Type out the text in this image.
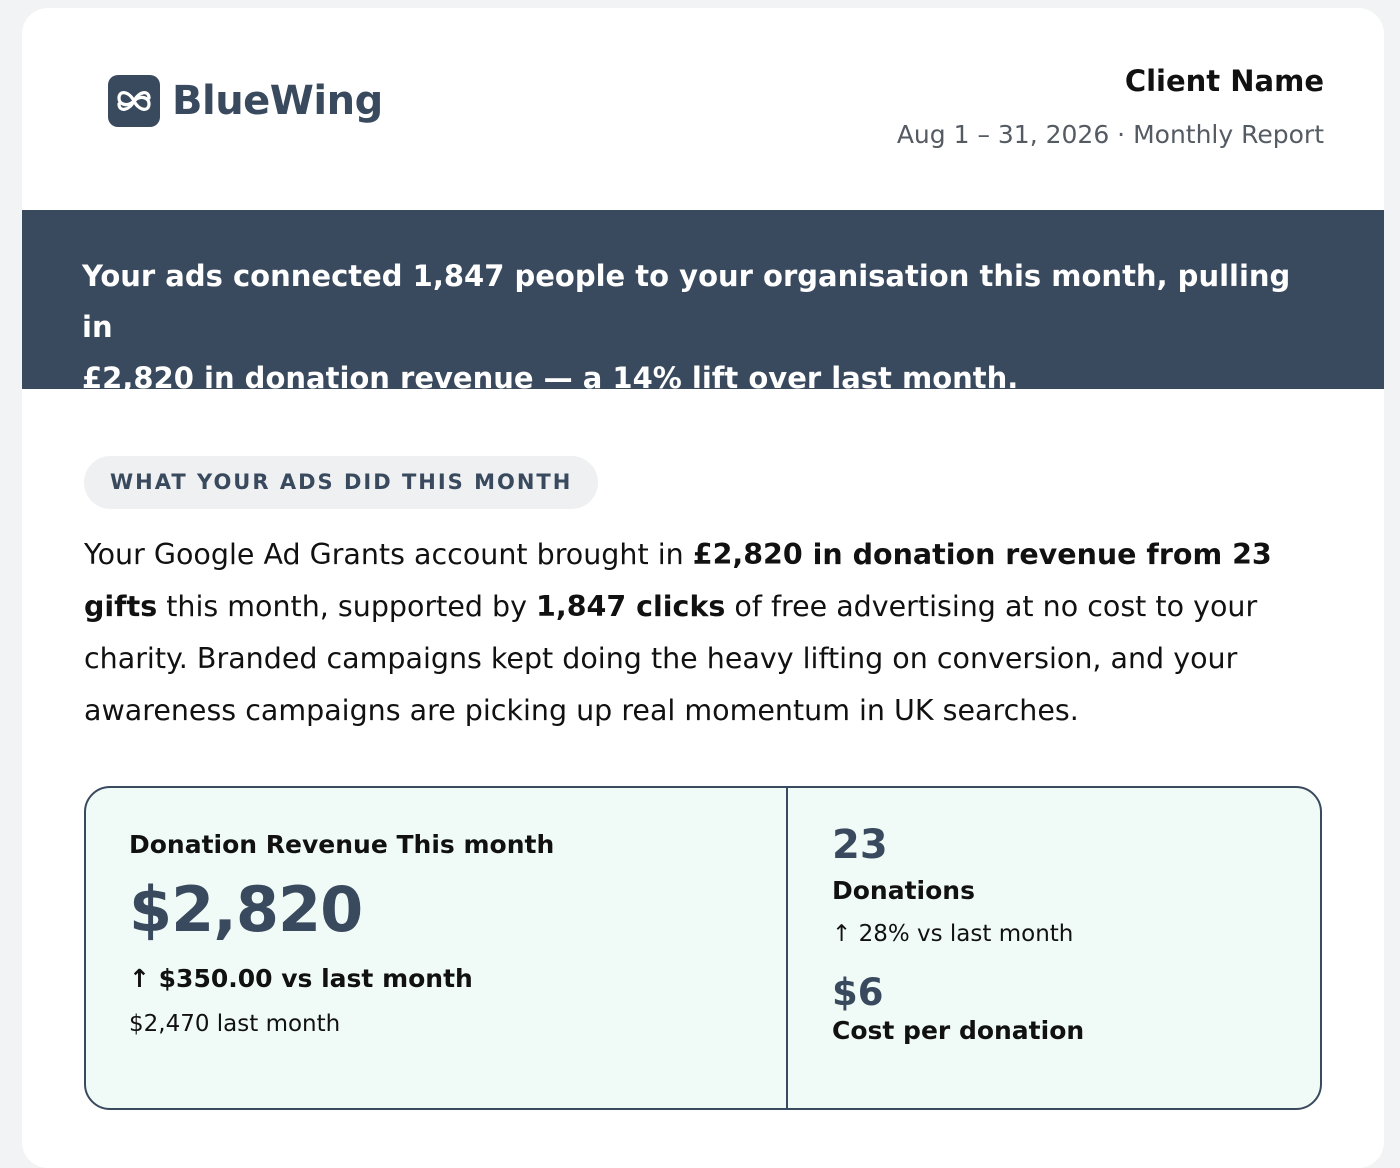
BlueWing	Client Name
Aug 1 – 31, 2026 · Monthly Report
Your ads connected 1,847 people to your organisation this month, pulling in
£2,820 in donation revenue — a 14% lift over last month.
WHAT YOUR ADS DID THIS MONTH

Your Google Ad Grants account brought in £2,820 in donation revenue from 23 gifts this month, supported by 1,847 clicks of free advertising at no cost to your charity. Branded campaigns kept doing the heavy lifting on conversion, and your awareness campaigns are picking up real momentum in UK searches.

Donation Revenue This month
$2,820
↑ $350.00 vs last month
$2,470 last month
23
Donations
↑ 28% vs last month
$6
Cost per donation
